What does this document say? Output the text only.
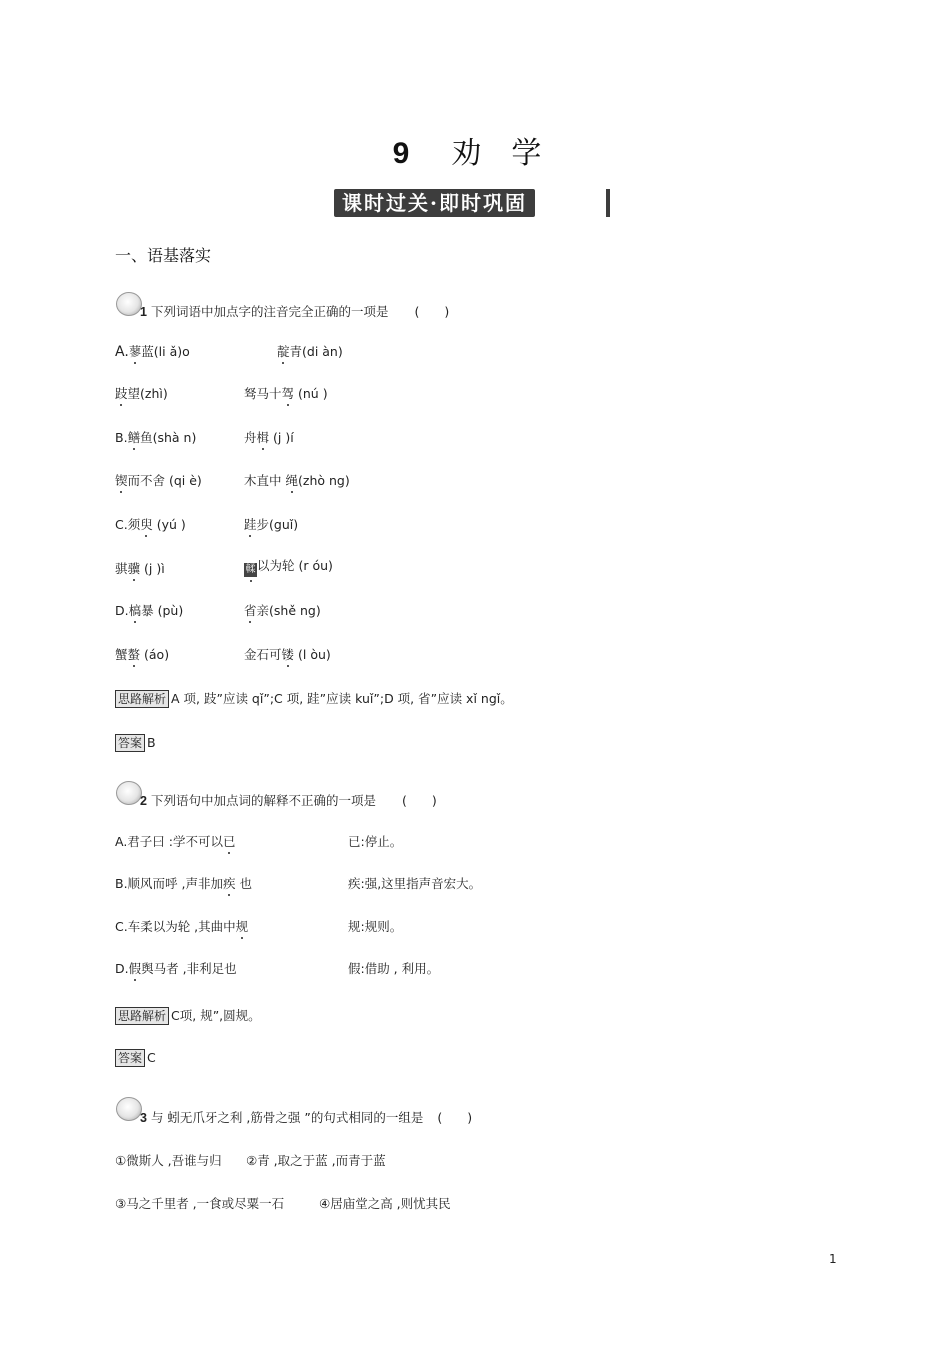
9 劝 学
课时过关·即时巩固
一、语基落实
1 下列词语中加点字的注音完全正确的一项是 (　　)
A.蓼蓝(li ǎ)o	靛青(di àn)
跂望(zhì)	驽马十驾 (nú )
B.鳝鱼(shà n)	舟楫 (j )í
锲而不舍 (qi è)	木直中 绳(zhò ng)
C.须臾 (yú )	跬步(guǐ)
骐骥 (j )ì	輮 以为轮 (r óu)
D.槁暴 (pù)	省亲(shě ng)
蟹螯 (áo)	金石可镂 (l òu)
思路解析 A 项, 跂”应读 qǐ”;C 项, 跬”应读 kuǐ”;D 项, 省”应读 xǐ ngǐ。
答案 B
2 下列语句中加点词的解释不正确的一项是 (　　)
A.君子曰 :学不可以已	已:停止。
B.顺风而呼 ,声非加疾 也	疾:强,这里指声音宏大。
C.车柔以为轮 ,其曲中规	规:规则。
D.假舆马者 ,非利足也	假:借助 , 利用。
思路解析 C项, 规”,圆规。
答案 C
3 与 蚓无爪牙之利 ,筋骨之强 ”的句式相同的一组是 (　　)
①微斯人 ,吾谁与归 ②青 ,取之于蓝 ,而青于蓝
③马之千里者 ,一食或尽粟一石	④居庙堂之高 ,则忧其民
1
